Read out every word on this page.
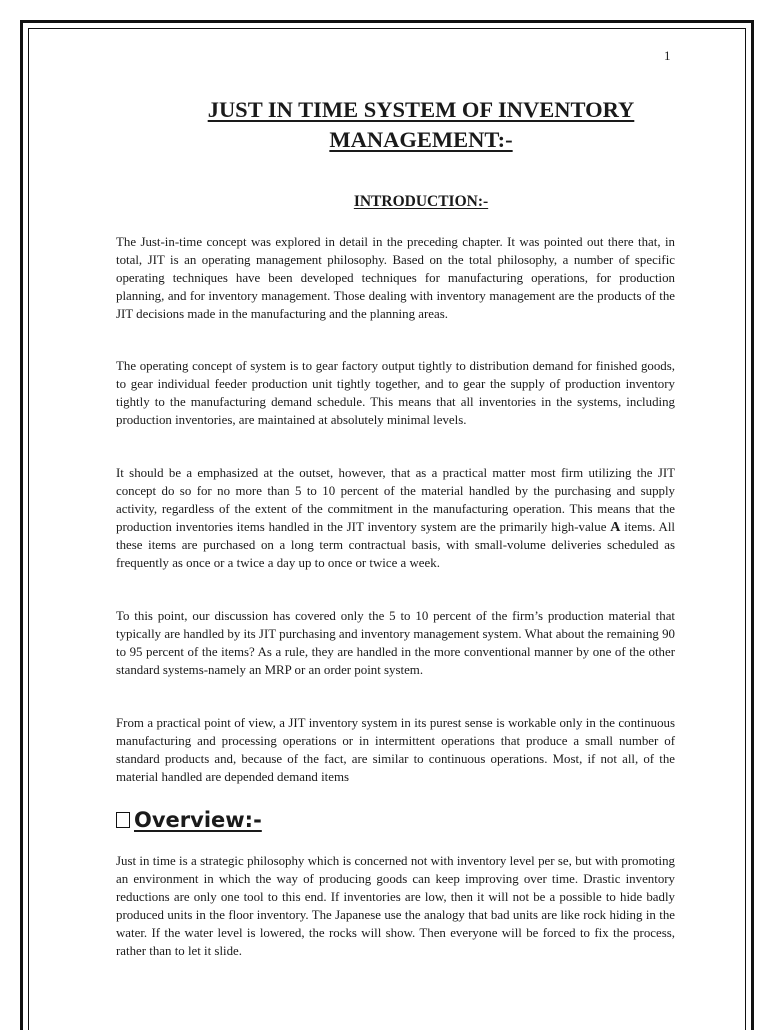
1
JUST IN TIME SYSTEM OF INVENTORY
MANAGEMENT:-
INTRODUCTION:-

The Just-in-time concept was explored in detail in the preceding chapter. It was pointed out there that, in total, JIT is an operating management philosophy. Based on the total philosophy, a number of specific operating techniques have been developed techniques for manufacturing operations, for production planning, and for inventory management. Those dealing with inventory management are the products of the JIT decisions made in the manufacturing and the planning areas.

The operating concept of system is to gear factory output tightly to distribution demand for finished goods, to gear individual feeder production unit tightly together, and to gear the supply of production inventory tightly to the manufacturing demand schedule. This means that all inventories in the systems, including production inventories, are maintained at absolutely minimal levels.

It should be a emphasized at the outset, however, that as a practical matter most firm utilizing the JIT concept do so for no more than 5 to 10 percent of the material handled by the purchasing and supply activity, regardless of the extent of the commitment in the manufacturing operation. This means that the production inventories items handled in the JIT inventory system are the primarily high-value A items. All these items are purchased on a long term contractual basis, with small-volume deliveries scheduled as frequently as once or a twice a day up to once or twice a week.

To this point, our discussion has covered only the 5 to 10 percent of the firm’s production material that typically are handled by its JIT purchasing and inventory management system. What about the remaining 90 to 95 percent of the items? As a rule, they are handled in the more conventional manner by one of the other standard systems-namely an MRP or an order point system.

From a practical point of view, a JIT inventory system in its purest sense is workable only in the continuous manufacturing and processing operations or in intermittent operations that produce a small number of standard products and, because of the fact, are similar to continuous operations. Most, if not all, of the material handled are depended demand items

Overview:-

Just in time is a strategic philosophy which is concerned not with inventory level per se, but with promoting an environment in which the way of producing goods can keep improving over time. Drastic inventory reductions are only one tool to this end. If inventories are low, then it will not be a possible to hide badly produced units in the floor inventory. The Japanese use the analogy that bad units are like rock hiding in the water. If the water level is lowered, the rocks will show. Then everyone will be forced to fix the process, rather than to let it slide.
